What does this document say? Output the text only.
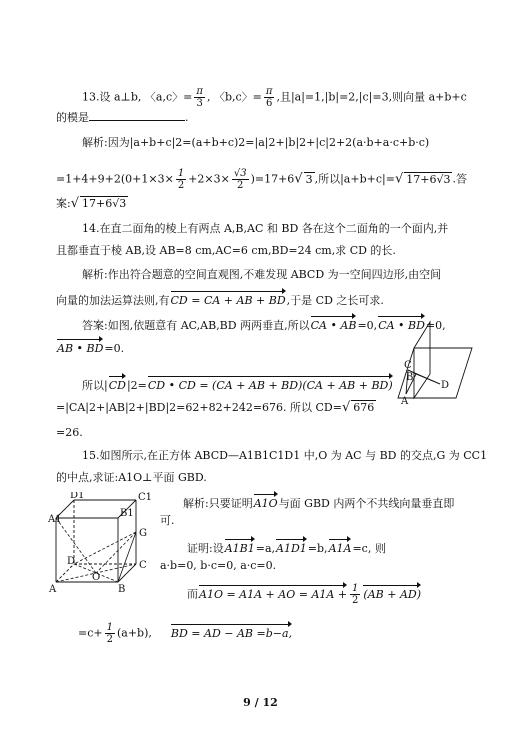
13.设 a⊥b, 〈a,c〉= $\frac{\pi}{3}$ , 〈b,c〉= $\frac{\pi}{6}$ ,且|a|=1,|b|=2,|c|=3,则向量 a+b+c
的模是	.
解析:因为|a+b+c|2=(a+b+c)2=|a|2+|b|2+|c|2+2(a·b+a·c+b·c)
$=1+4+9+2(0+1\times 3\times \frac{1}{2} +2\times 3\times \frac{√3}{2} )=17+6√$ 3 ,所以|a+b+c|=√ 17+6√3 .答
案:√ 17+6√3
14.在直二面角的棱上有两点 A,B,AC 和 BD 各在这个二面角的一个面内,并
且都垂直于棱 AB,设 AB=8 cm,AC=6 cm,BD=24 cm,求 CD 的长.
解析:作出符合题意的空间直观图,不难发现 ABCD 为一空间四边形,由空间
向量的加法运算法则,有CD = CA + AB + BD,于是 CD 之长可求.
答案:如图,依题意有 AC,AB,BD 两两垂直,所以CA • AB=0,CA • BD=0,
AB • BD=0.
所以|CD|2=CD • CD = (CA + AB + BD)(CA + AB + BD)
=|CA|2+|AB|2+|BD|2=62+82+242=676. 所以 CD=√ 676
=26.
C
B
A
D
15.如图所示,在正方体 ABCD—A1B1C1D1 中,O 为 AC 与 BD 的交点,G 为 CC1
的中点,求证:A1O⊥平面 GBD.
解析:只要证明A1O与面 GBD 内两个不共线向量垂直即
可.
证明:设A1B1=a,A1D1=b,A1A=c, 则
a·b=0, b·c=0, a·c=0.
而A1O = A1A + AO = $A1A + \frac{1}{2} (AB + AD)$
$=c+ \frac{1}{2} (a+b)$, BD = AD − AB =b−a,
D1	C1
A1
B1
G
D	C
O
A	B
9 / 12
